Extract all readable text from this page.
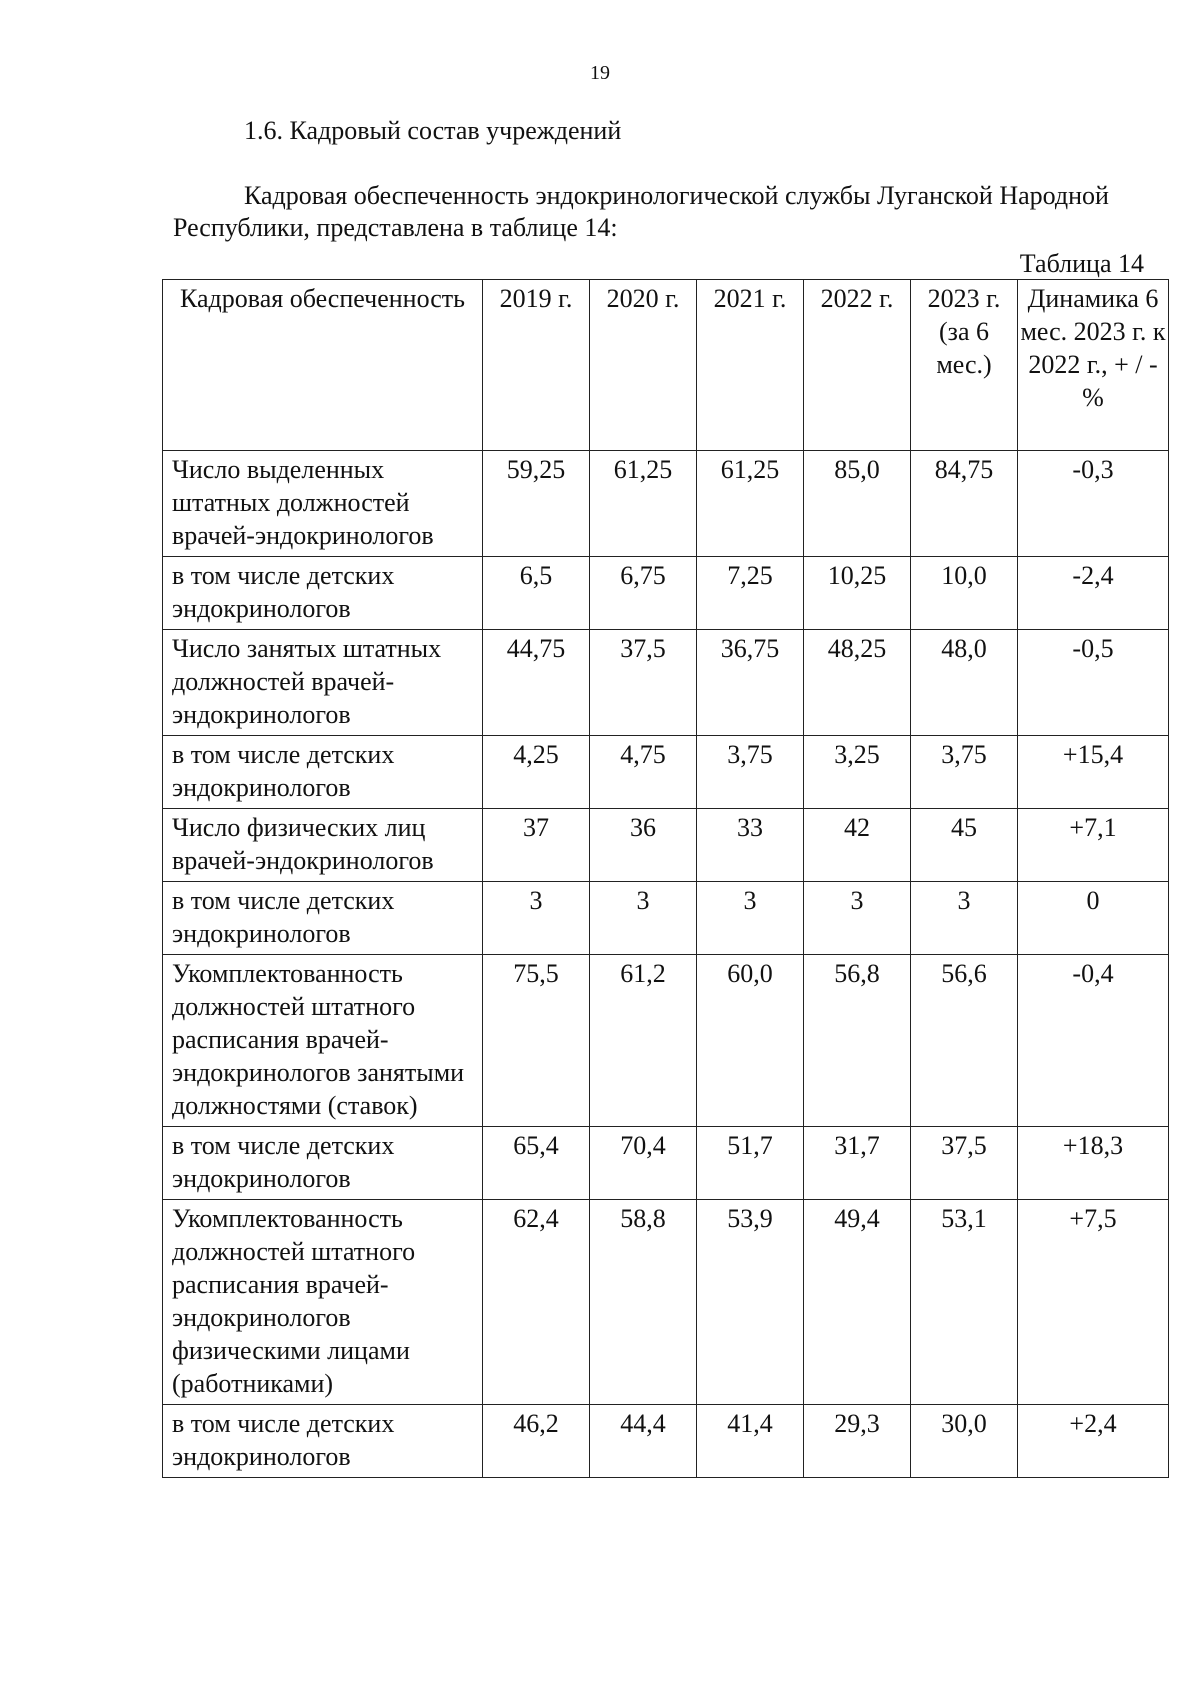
19
1.6. Кадровый состав учреждений
Кадровая обеспеченность эндокринологической службы Луганской Народной Республики, представлена в таблице 14:
Таблица 14
Кадровая обеспеченность	2019 г.	2020 г.	2021 г.	2022 г.	2023 г. (за 6 мес.)	Динамика 6 мес. 2023 г. к 2022 г., + / -%
Число выделенных штатных должностей врачей-эндокринологов	59,25	61,25	61,25	85,0	84,75	-0,3
в том числе детских эндокринологов	6,5	6,75	7,25	10,25	10,0	-2,4
Число занятых штатных должностей врачей-эндокринологов	44,75	37,5	36,75	48,25	48,0	-0,5
в том числе детских эндокринологов	4,25	4,75	3,75	3,25	3,75	+15,4
Число физических лиц врачей-эндокринологов	37	36	33	42	45	+7,1
в том числе детских эндокринологов	3	3	3	3	3	0
Укомплектованность должностей штатного расписания врачей-эндокринологов занятыми должностями (ставок)	75,5	61,2	60,0	56,8	56,6	-0,4
в том числе детских эндокринологов	65,4	70,4	51,7	31,7	37,5	+18,3
Укомплектованность должностей штатного расписания врачей-эндокринологов физическими лицами (работниками)	62,4	58,8	53,9	49,4	53,1	+7,5
в том числе детских эндокринологов	46,2	44,4	41,4	29,3	30,0	+2,4
